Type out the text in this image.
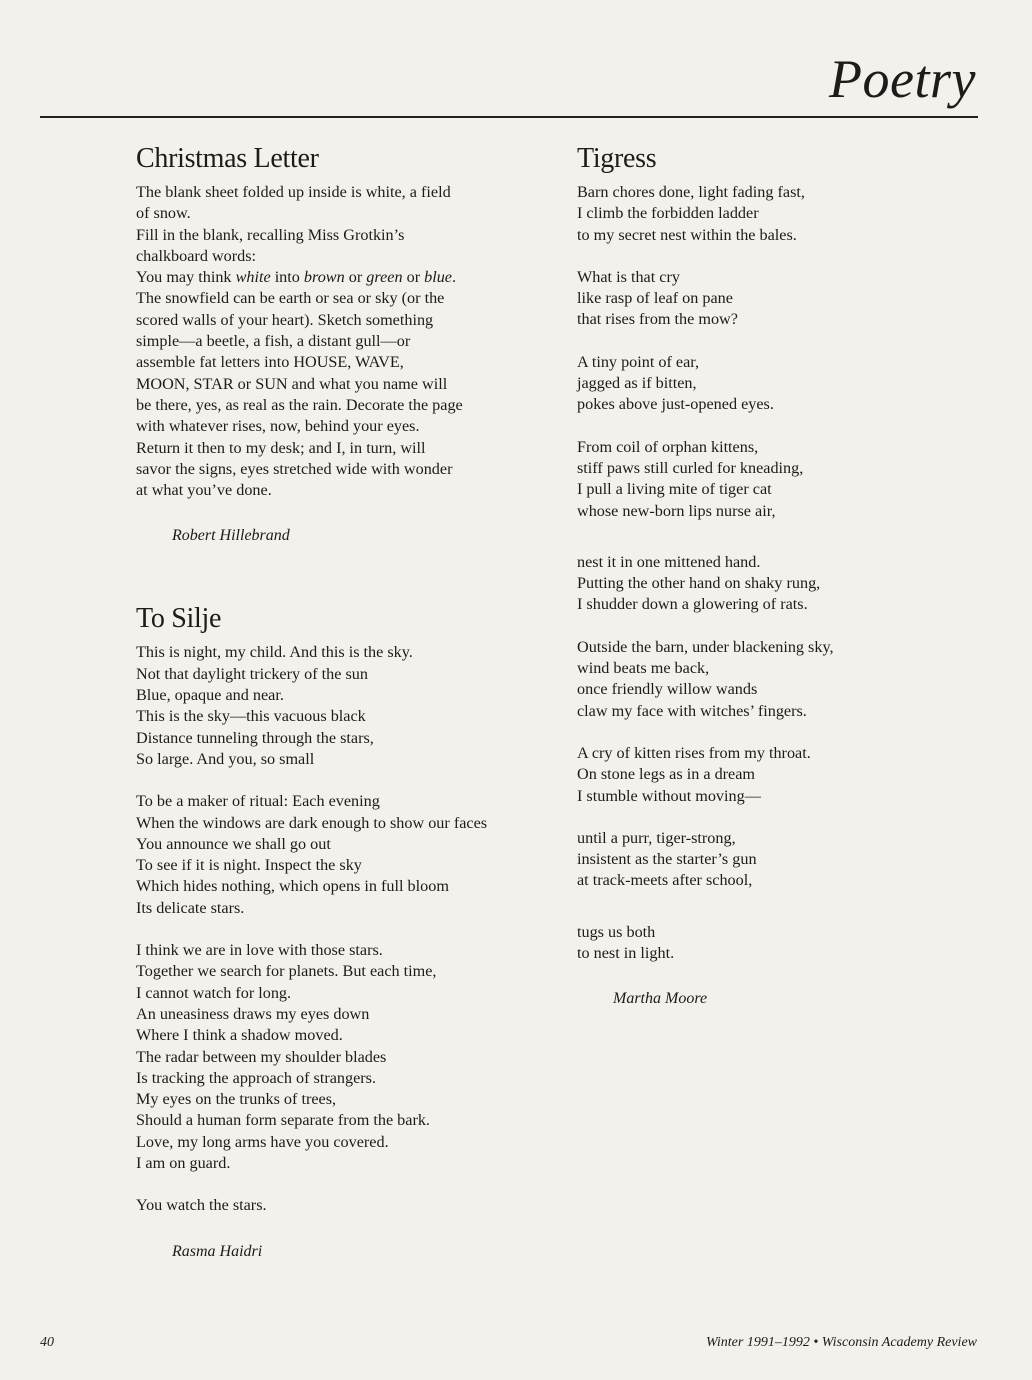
Poetry
Christmas Letter
The blank sheet folded up inside is white, a field
of snow.
Fill in the blank, recalling Miss Grotkin’s
chalkboard words:
You may think white into brown or green or blue.
The snowfield can be earth or sea or sky (or the
scored walls of your heart). Sketch something
simple—a beetle, a fish, a distant gull—or
assemble fat letters into HOUSE, WAVE,
MOON, STAR or SUN and what you name will
be there, yes, as real as the rain. Decorate the page
with whatever rises, now, behind your eyes.
Return it then to my desk; and I, in turn, will
savor the signs, eyes stretched wide with wonder
at what you’ve done.
Robert Hillebrand
To Silje
This is night, my child. And this is the sky.
Not that daylight trickery of the sun
Blue, opaque and near.
This is the sky—this vacuous black
Distance tunneling through the stars,
So large. And you, so small
To be a maker of ritual: Each evening
When the windows are dark enough to show our faces
You announce we shall go out
To see if it is night. Inspect the sky
Which hides nothing, which opens in full bloom
Its delicate stars.
I think we are in love with those stars.
Together we search for planets. But each time,
I cannot watch for long.
An uneasiness draws my eyes down
Where I think a shadow moved.
The radar between my shoulder blades
Is tracking the approach of strangers.
My eyes on the trunks of trees,
Should a human form separate from the bark.
Love, my long arms have you covered.
I am on guard.
You watch the stars.
Rasma Haidri
Tigress
Barn chores done, light fading fast,
I climb the forbidden ladder
to my secret nest within the bales.
What is that cry
like rasp of leaf on pane
that rises from the mow?
A tiny point of ear,
jagged as if bitten,
pokes above just-opened eyes.
From coil of orphan kittens,
stiff paws still curled for kneading,
I pull a living mite of tiger cat
whose new-born lips nurse air,
nest it in one mittened hand.
Putting the other hand on shaky rung,
I shudder down a glowering of rats.
Outside the barn, under blackening sky,
wind beats me back,
once friendly willow wands
claw my face with witches’ fingers.
A cry of kitten rises from my throat.
On stone legs as in a dream
I stumble without moving—
until a purr, tiger-strong,
insistent as the starter’s gun
at track-meets after school,
tugs us both
to nest in light.
Martha Moore
40	Winter 1991–1992 • Wisconsin Academy Review
